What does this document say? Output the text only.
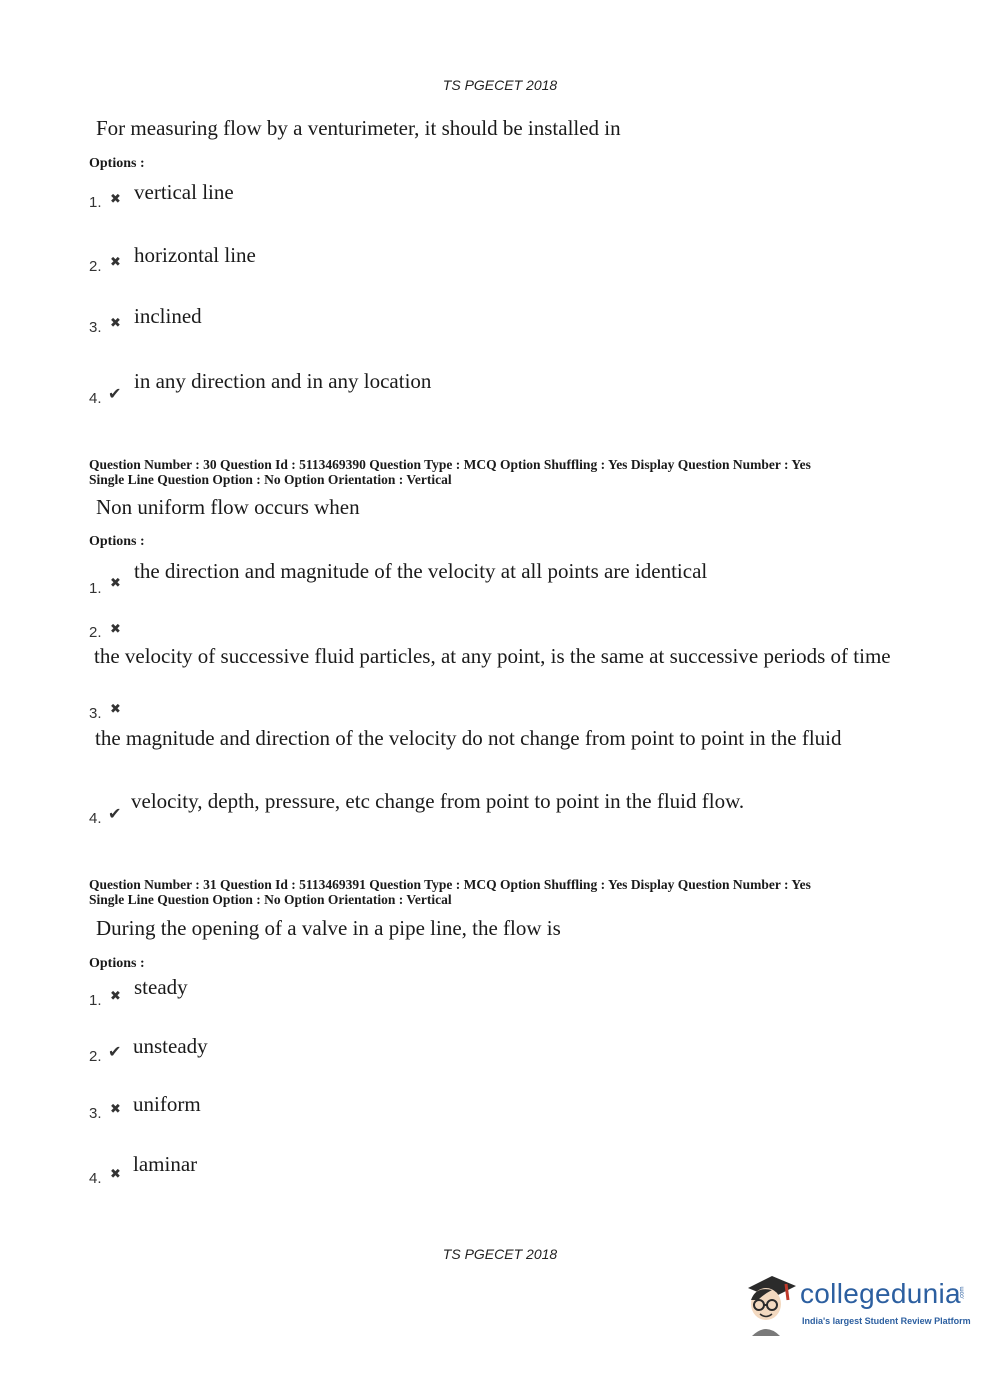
TS PGECET 2018
For measuring flow by a venturimeter, it should be installed in
Options :
1. ✖ vertical line
2. ✖ horizontal line
3. ✖ inclined
4. ✔
in any direction and in any location
Question Number : 30 Question Id : 5113469390 Question Type : MCQ Option Shuffling : Yes Display Question Number : Yes
Single Line Question Option : No Option Orientation : Vertical
Non uniform flow occurs when
Options :
1. ✖
the direction and magnitude of the velocity at all points are identical
2. ✖
the velocity of successive fluid particles, at any point, is the same at successive periods of time
3. ✖
the magnitude and direction of the velocity do not change from point to point in the fluid
4. ✔
velocity, depth, pressure, etc change from point to point in the fluid flow.
Question Number : 31 Question Id : 5113469391 Question Type : MCQ Option Shuffling : Yes Display Question Number : Yes
Single Line Question Option : No Option Orientation : Vertical
During the opening of a valve in a pipe line, the flow is
Options :
1. ✖ steady
2. ✔ unsteady
3. ✖ uniform
4. ✖ laminar
TS PGECET 2018
collegedunia
.com
India's largest Student Review Platform
